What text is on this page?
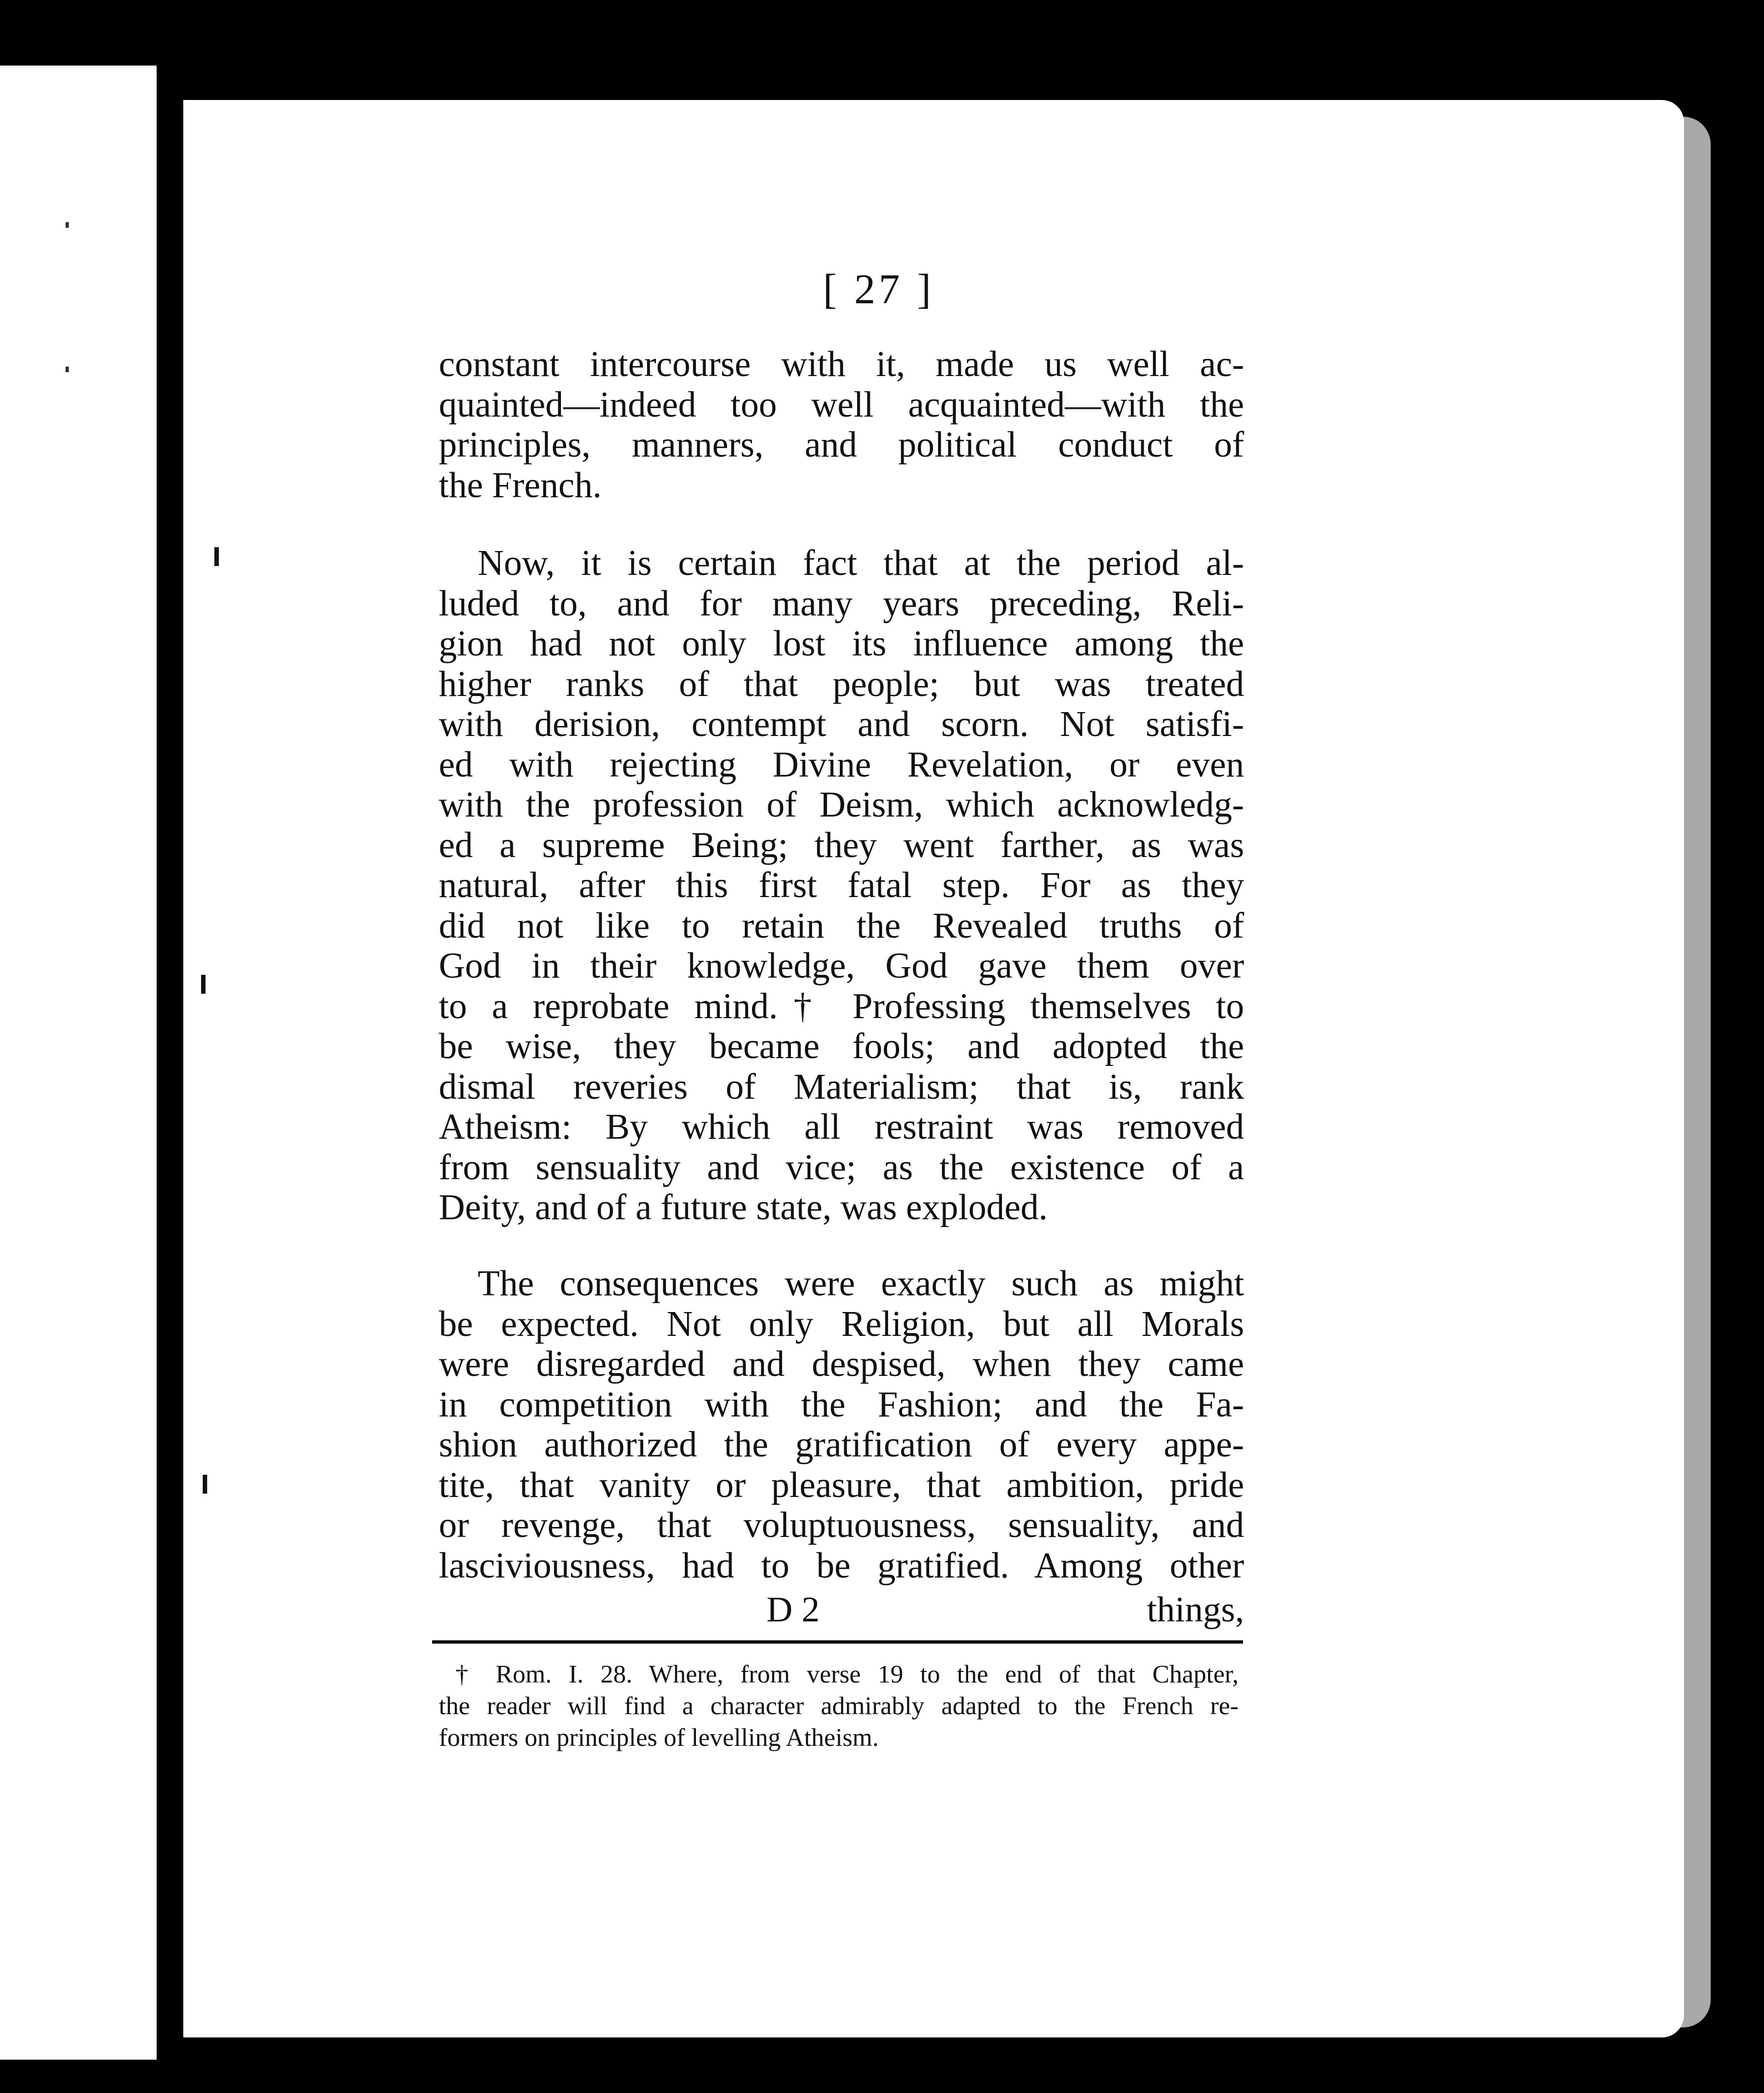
[ 27 ]

constant intercourse with it, made us well ac-

quainted—indeed too well acquainted—with the

principles, manners, and political conduct of

the French.

Now, it is certain fact that at the period al-

luded to, and for many years preceding, Reli-

gion had not only lost its influence among the

higher ranks of that people; but was treated

with derision, contempt and scorn. Not satisfi-

ed with rejecting Divine Revelation, or even

with the profession of Deism, which acknowledg-

ed a supreme Being; they went farther, as was

natural, after this first fatal step. For as they

did not like to retain the Revealed truths of

God in their knowledge, God gave them over

to a reprobate mind.† Professing themselves to

be wise, they became fools; and adopted the

dismal reveries of Materialism; that is, rank

Atheism: By which all restraint was removed

from sensuality and vice; as the existence of a

Deity, and of a future state, was exploded.

The consequences were exactly such as might

be expected. Not only Religion, but all Morals

were disregarded and despised, when they came

in competition with the Fashion; and the Fa-

shion authorized the gratification of every appe-

tite, that vanity or pleasure, that ambition, pride

or revenge, that voluptuousness, sensuality, and

lasciviousness, had to be gratified. Among other

D 2	things,

† Rom. I. 28. Where, from verse 19 to the end of that Chapter,

the reader will find a character admirably adapted to the French re-

formers on principles of levelling Atheism.
